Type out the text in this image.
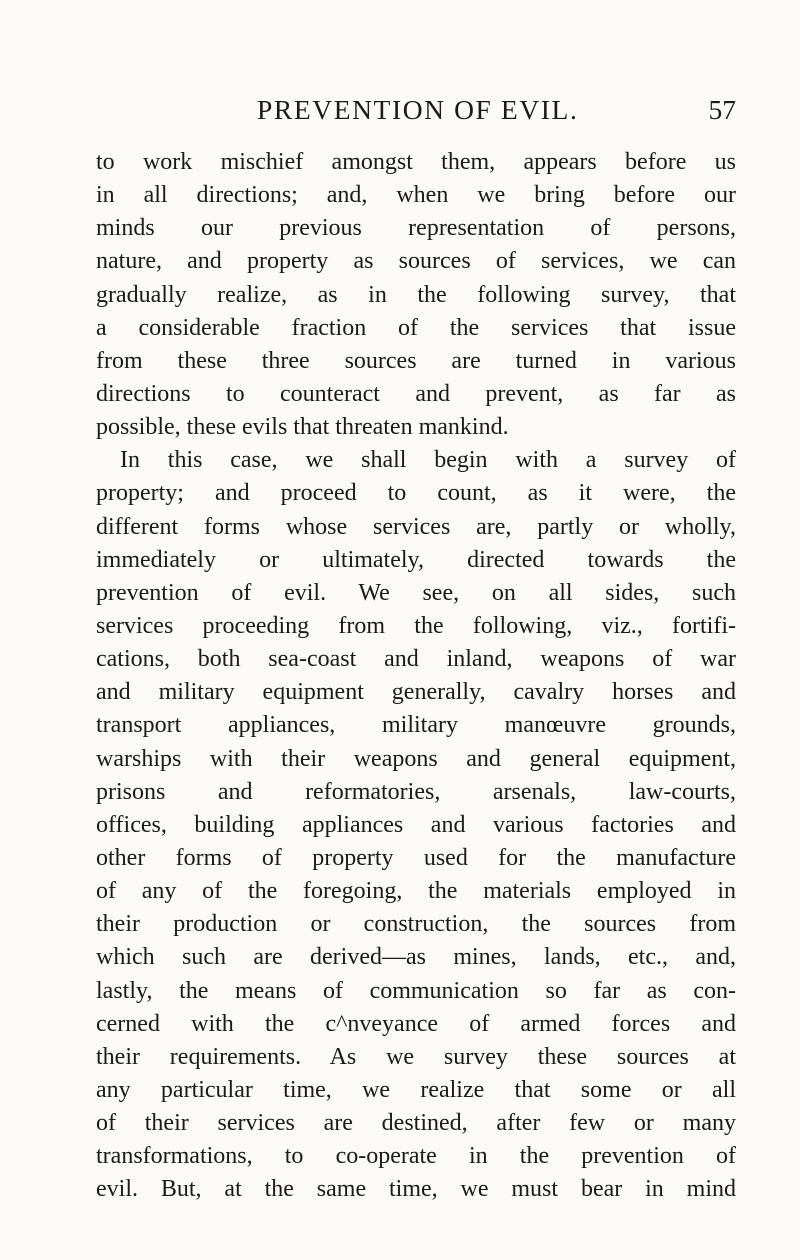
PREVENTION OF EVIL.	57
to work mischief amongst them, appears before us
in all directions; and, when we bring before our
minds our previous representation of persons,
nature, and property as sources of services, we can
gradually realize, as in the following survey, that
a considerable fraction of the services that issue
from these three sources are turned in various
directions to counteract and prevent, as far as
possible, these evils that threaten mankind.
In this case, we shall begin with a survey of
property; and proceed to count, as it were, the
different forms whose services are, partly or wholly,
immediately or ultimately, directed towards the
prevention of evil. We see, on all sides, such
services proceeding from the following, viz., fortifi-
cations, both sea-coast and inland, weapons of war
and military equipment generally, cavalry horses and
transport appliances, military manœuvre grounds,
warships with their weapons and general equipment,
prisons and reformatories, arsenals, law-courts,
offices, building appliances and various factories and
other forms of property used for the manufacture
of any of the foregoing, the materials employed in
their production or construction, the sources from
which such are derived—as mines, lands, etc., and,
lastly, the means of communication so far as con-
cerned with the c^nveyance of armed forces and
their requirements. As we survey these sources at
any particular time, we realize that some or all
of their services are destined, after few or many
transformations, to co-operate in the prevention of
evil. But, at the same time, we must bear in mind
